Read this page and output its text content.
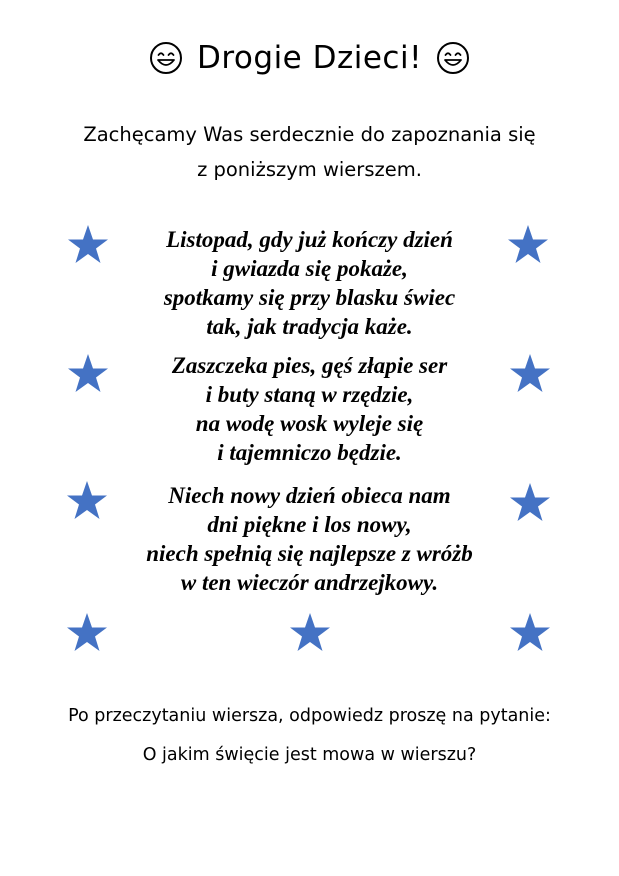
Drogie Dzieci!
Zachęcamy Was serdecznie do zapoznania się
z poniższym wierszem.
Listopad, gdy już kończy dzień
i gwiazda się pokaże,
spotkamy się przy blasku świec
tak, jak tradycja każe.
Zaszczeka pies, gęś złapie ser
i buty staną w rzędzie,
na wodę wosk wyleje się
i tajemniczo będzie.
Niech nowy dzień obieca nam
dni piękne i los nowy,
niech spełnią się najlepsze z wróżb
w ten wieczór andrzejkowy.
Po przeczytaniu wiersza, odpowiedz proszę na pytanie:
O jakim święcie jest mowa w wierszu?
